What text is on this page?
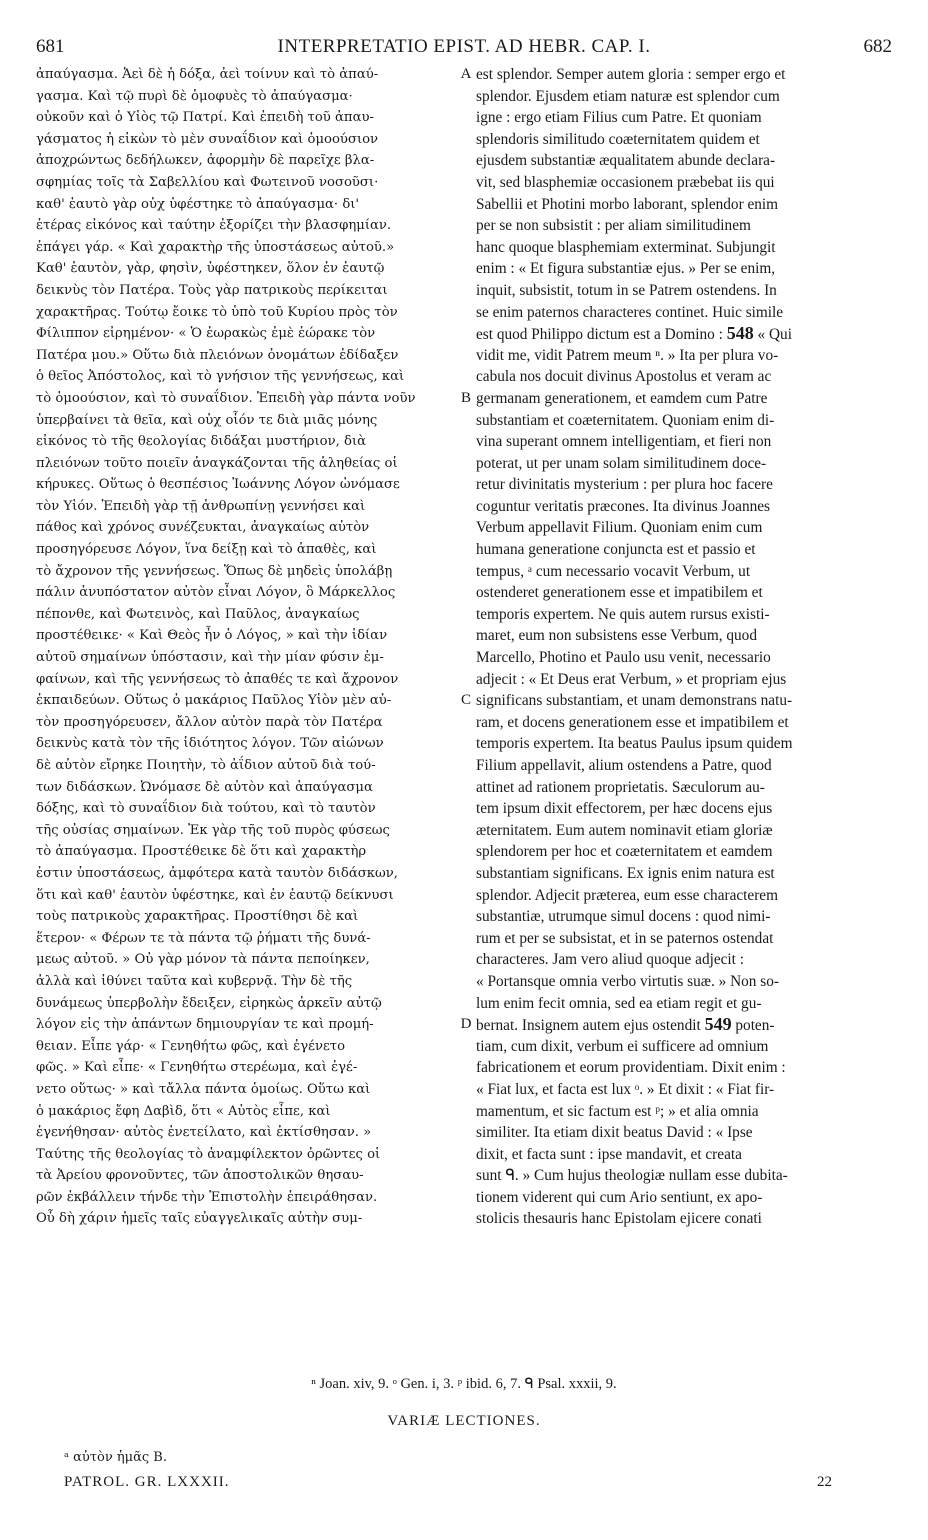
681	INTERPRETATIO EPIST. AD HEBR. CAP. I.	682
ἀπαύγασμα. Ἀεὶ δὲ ἡ δόξα, ἀεὶ τοίνυν καὶ τὸ ἀπαύ-
γασμα. Καὶ τῷ πυρὶ δὲ ὁμοφυὲς τὸ ἀπαύγασμα·
οὐκοῦν καὶ ὁ Υἱὸς τῷ Πατρί. Καὶ ἐπειδὴ τοῦ ἀπαυ-
γάσματος ἡ εἰκὼν τὸ μὲν συναΐδιον καὶ ὁμοούσιον
ἀποχρώντως δεδήλωκεν, ἀφορμὴν δὲ παρεῖχε βλα-
σφημίας τοῖς τὰ Σαβελλίου καὶ Φωτεινοῦ νοσοῦσι·
καθ' ἑαυτὸ γὰρ οὐχ ὑφέστηκε τὸ ἀπαύγασμα· δι'
ἑτέρας εἰκόνος καὶ ταύτην ἐξορίζει τὴν βλασφημίαν.
ἐπάγει γάρ. « Καὶ χαρακτὴρ τῆς ὑποστάσεως αὐτοῦ.»
Καθ' ἑαυτὸν, γὰρ, φησὶν, ὑφέστηκεν, ὅλον ἐν ἑαυτῷ
δεικνὺς τὸν Πατέρα. Τοὺς γὰρ πατρικοὺς περίκειται
χαρακτῆρας. Τούτῳ ἔοικε τὸ ὑπὸ τοῦ Κυρίου πρὸς τὸν
Φίλιππον εἰρημένον· « Ὁ ἑωρακὼς ἐμὲ ἑώρακε τὸν
Πατέρα μου.» Οὕτω διὰ πλειόνων ὀνομάτων ἐδίδαξεν
ὁ θεῖος Ἀπόστολος, καὶ τὸ γνήσιον τῆς γεννήσεως, καὶ
τὸ ὁμοούσιον, καὶ τὸ συναΐδιον. Ἐπειδὴ γὰρ πάντα νοῦν
ὑπερβαίνει τὰ θεῖα, καὶ οὐχ οἷόν τε διὰ μιᾶς μόνης
εἰκόνος τὸ τῆς θεολογίας διδάξαι μυστήριον, διὰ
πλειόνων τοῦτο ποιεῖν ἀναγκάζονται τῆς ἀληθείας οἱ
κήρυκες. Οὕτως ὁ θεσπέσιος Ἰωάννης Λόγον ὠνόμασε
τὸν Υἱόν. Ἐπειδὴ γὰρ τῇ ἀνθρωπίνῃ γεννήσει καὶ
πάθος καὶ χρόνος συνέζευκται, ἀναγκαίως αὐτὸν
προσηγόρευσε Λόγον, ἵνα δείξῃ καὶ τὸ ἀπαθὲς, καὶ
τὸ ἄχρονον τῆς γεννήσεως. Ὅπως δὲ μηδεὶς ὑπολάβῃ
πάλιν ἀνυπόστατον αὐτὸν εἶναι Λόγον, ὃ Μάρκελλος
πέπονθε, καὶ Φωτεινὸς, καὶ Παῦλος, ἀναγκαίως
προστέθεικε· « Καὶ Θεὸς ἦν ὁ Λόγος, » καὶ τὴν ἰδίαν
αὐτοῦ σημαίνων ὑπόστασιν, καὶ τὴν μίαν φύσιν ἐμ-
φαίνων, καὶ τῆς γεννήσεως τὸ ἀπαθές τε καὶ ἄχρονον
ἐκπαιδεύων. Οὕτως ὁ μακάριος Παῦλος Υἱὸν μὲν αὐ-
τὸν προσηγόρευσεν, ἄλλον αὐτὸν παρὰ τὸν Πατέρα
δεικνὺς κατὰ τὸν τῆς ἰδιότητος λόγον. Τῶν αἰώνων
δὲ αὐτὸν εἴρηκε Ποιητὴν, τὸ ἀΐδιον αὐτοῦ διὰ τού-
των διδάσκων. Ὠνόμασε δὲ αὐτὸν καὶ ἀπαύγασμα
δόξης, καὶ τὸ συναΐδιον διὰ τούτου, καὶ τὸ ταυτὸν
τῆς οὐσίας σημαίνων. Ἐκ γὰρ τῆς τοῦ πυρὸς φύσεως
τὸ ἀπαύγασμα. Προστέθεικε δὲ ὅτι καὶ χαρακτὴρ
ἐστιν ὑποστάσεως, ἀμφότερα κατὰ ταυτὸν διδάσκων,
ὅτι καὶ καθ' ἑαυτὸν ὑφέστηκε, καὶ ἐν ἑαυτῷ δείκνυσι
τοὺς πατρικοὺς χαρακτῆρας. Προστίθησι δὲ καὶ
ἕτερον· « Φέρων τε τὰ πάντα τῷ ῥήματι τῆς δυνά-
μεως αὐτοῦ. » Οὐ γὰρ μόνον τὰ πάντα πεποίηκεν,
ἀλλὰ καὶ ἰθύνει ταῦτα καὶ κυβερνᾷ. Τὴν δὲ τῆς
δυνάμεως ὑπερβολὴν ἔδειξεν, εἰρηκὼς ἀρκεῖν αὐτῷ
λόγον εἰς τὴν ἁπάντων δημιουργίαν τε καὶ προμή-
θειαν. Εἶπε γάρ· « Γενηθήτω φῶς, καὶ ἐγένετο
φῶς. » Καὶ εἶπε· « Γενηθήτω στερέωμα, καὶ ἐγέ-
νετο οὕτως· » καὶ τἄλλα πάντα ὁμοίως. Οὕτω καὶ
ὁ μακάριος ἔφη Δαβὶδ, ὅτι « Αὐτὸς εἶπε, καὶ
ἐγενήθησαν· αὐτὸς ἐνετείλατο, καὶ ἐκτίσθησαν. »
Ταύτης τῆς θεολογίας τὸ ἀναμφίλεκτον ὁρῶντες οἱ
τὰ Ἀρείου φρονοῦντες, τῶν ἀποστολικῶν θησαυ-
ρῶν ἐκβάλλειν τήνδε τὴν Ἐπιστολὴν ἐπειράθησαν.
Οὗ δὴ χάριν ἡμεῖς ταῖς εὐαγγελικαῖς αὐτὴν συμ-
A
B
C
D
est splendor. Semper autem gloria : semper ergo et
splendor. Ejusdem etiam naturæ est splendor cum
igne : ergo etiam Filius cum Patre. Et quoniam
splendoris similitudo coæternitatem quidem et
ejusdem substantiæ æqualitatem abunde declara-
vit, sed blasphemiæ occasionem præbebat iis qui
Sabellii et Photini morbo laborant, splendor enim
per se non subsistit : per aliam similitudinem
hanc quoque blasphemiam exterminat. Subjungit
enim : « Et figura substantiæ ejus. » Per se enim,
inquit, subsistit, totum in se Patrem ostendens. In
se enim paternos characteres continet. Huic simile
est quod Philippo dictum est a Domino : 548 « Qui
vidit me, vidit Patrem meum ⁿ. » Ita per plura vo-
cabula nos docuit divinus Apostolus et veram ac
germanam generationem, et eamdem cum Patre
substantiam et coæternitatem. Quoniam enim di-
vina superant omnem intelligentiam, et fieri non
poterat, ut per unam solam similitudinem doce-
retur divinitatis mysterium : per plura hoc facere
coguntur veritatis præcones. Ita divinus Joannes
Verbum appellavit Filium. Quoniam enim cum
humana generatione conjuncta est et passio et
tempus, ᵃ cum necessario vocavit Verbum, ut
ostenderet generationem esse et impatibilem et
temporis expertem. Ne quis autem rursus existi-
maret, eum non subsistens esse Verbum, quod
Marcello, Photino et Paulo usu venit, necessario
adjecit : « Et Deus erat Verbum, » et propriam ejus
significans substantiam, et unam demonstrans natu-
ram, et docens generationem esse et impatibilem et
temporis expertem. Ita beatus Paulus ipsum quidem
Filium appellavit, alium ostendens a Patre, quod
attinet ad rationem proprietatis. Sæculorum au-
tem ipsum dixit effectorem, per hæc docens ejus
æternitatem. Eum autem nominavit etiam gloriæ
splendorem per hoc et coæternitatem et eamdem
substantiam significans. Ex ignis enim natura est
splendor. Adjecit præterea, eum esse characterem
substantiæ, utrumque simul docens : quod nimi-
rum et per se subsistat, et in se paternos ostendat
characteres. Jam vero aliud quoque adjecit :
« Portansque omnia verbo virtutis suæ. » Non so-
lum enim fecit omnia, sed ea etiam regit et gu-
bernat. Insignem autem ejus ostendit 549 poten-
tiam, cum dixit, verbum ei sufficere ad omnium
fabricationem et eorum providentiam. Dixit enim :
« Fiat lux, et facta est lux ᵒ. » Et dixit : « Fiat fir-
mamentum, et sic factum est ᵖ; » et alia omnia
similiter. Ita etiam dixit beatus David : « Ipse
dixit, et facta sunt : ipse mandavit, et creata
sunt ᑫ. » Cum hujus theologiæ nullam esse dubita-
tionem viderent qui cum Ario sentiunt, ex apo-
stolicis thesauris hanc Epistolam ejicere conati
ⁿ Joan. xiv, 9. ᵒ Gen. i, 3. ᵖ ibid. 6, 7. ᑫ Psal. xxxii, 9.
VARIÆ LECTIONES.
ᵃ αὐτὸν ἡμᾶς B.
PATROL. GR. LXXXII.	22
